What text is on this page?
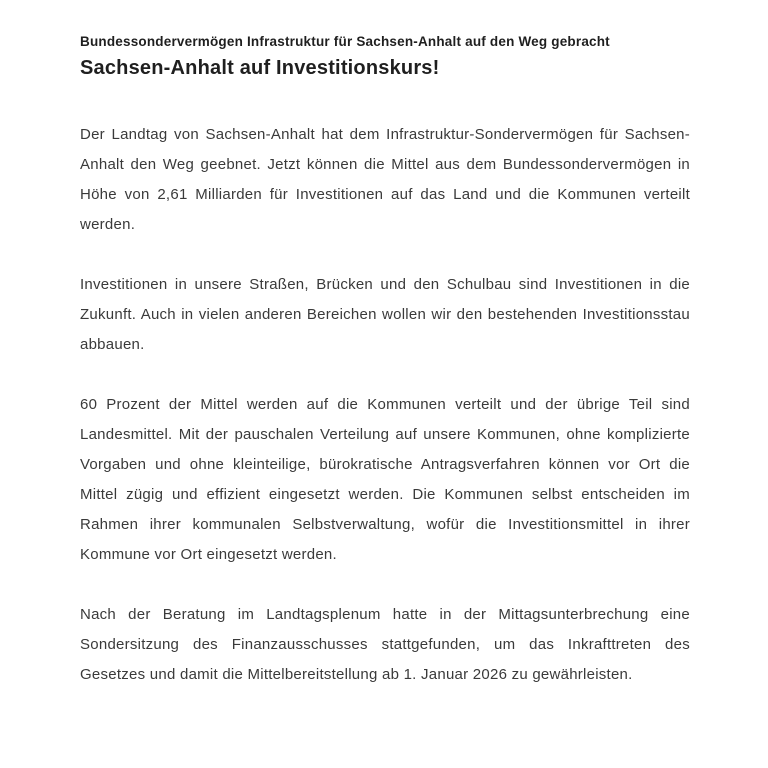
Bundessondervermögen Infrastruktur für Sachsen-Anhalt auf den Weg gebracht
Sachsen-Anhalt auf Investitionskurs!

Der Landtag von Sachsen-Anhalt hat dem Infrastruktur-Sondervermögen für Sachsen-Anhalt den Weg geebnet. Jetzt können die Mittel aus dem Bundessondervermögen in Höhe von 2,61 Milliarden für Investitionen auf das Land und die Kommunen verteilt werden.

Investitionen in unsere Straßen, Brücken und den Schulbau sind Investitionen in die Zukunft. Auch in vielen anderen Bereichen wollen wir den bestehenden Investitionsstau abbauen.

60 Prozent der Mittel werden auf die Kommunen verteilt und der übrige Teil sind Landesmittel. Mit der pauschalen Verteilung auf unsere Kommunen, ohne komplizierte Vorgaben und ohne kleinteilige, bürokratische Antragsverfahren können vor Ort die Mittel zügig und effizient eingesetzt werden. Die Kommunen selbst entscheiden im Rahmen ihrer kommunalen Selbstverwaltung, wofür die Investitionsmittel in ihrer Kommune vor Ort eingesetzt werden.

Nach der Beratung im Landtagsplenum hatte in der Mittagsunterbrechung eine Sondersitzung des Finanzausschusses stattgefunden, um das Inkrafttreten des Gesetzes und damit die Mittelbereitstellung ab 1. Januar 2026 zu gewährleisten.
